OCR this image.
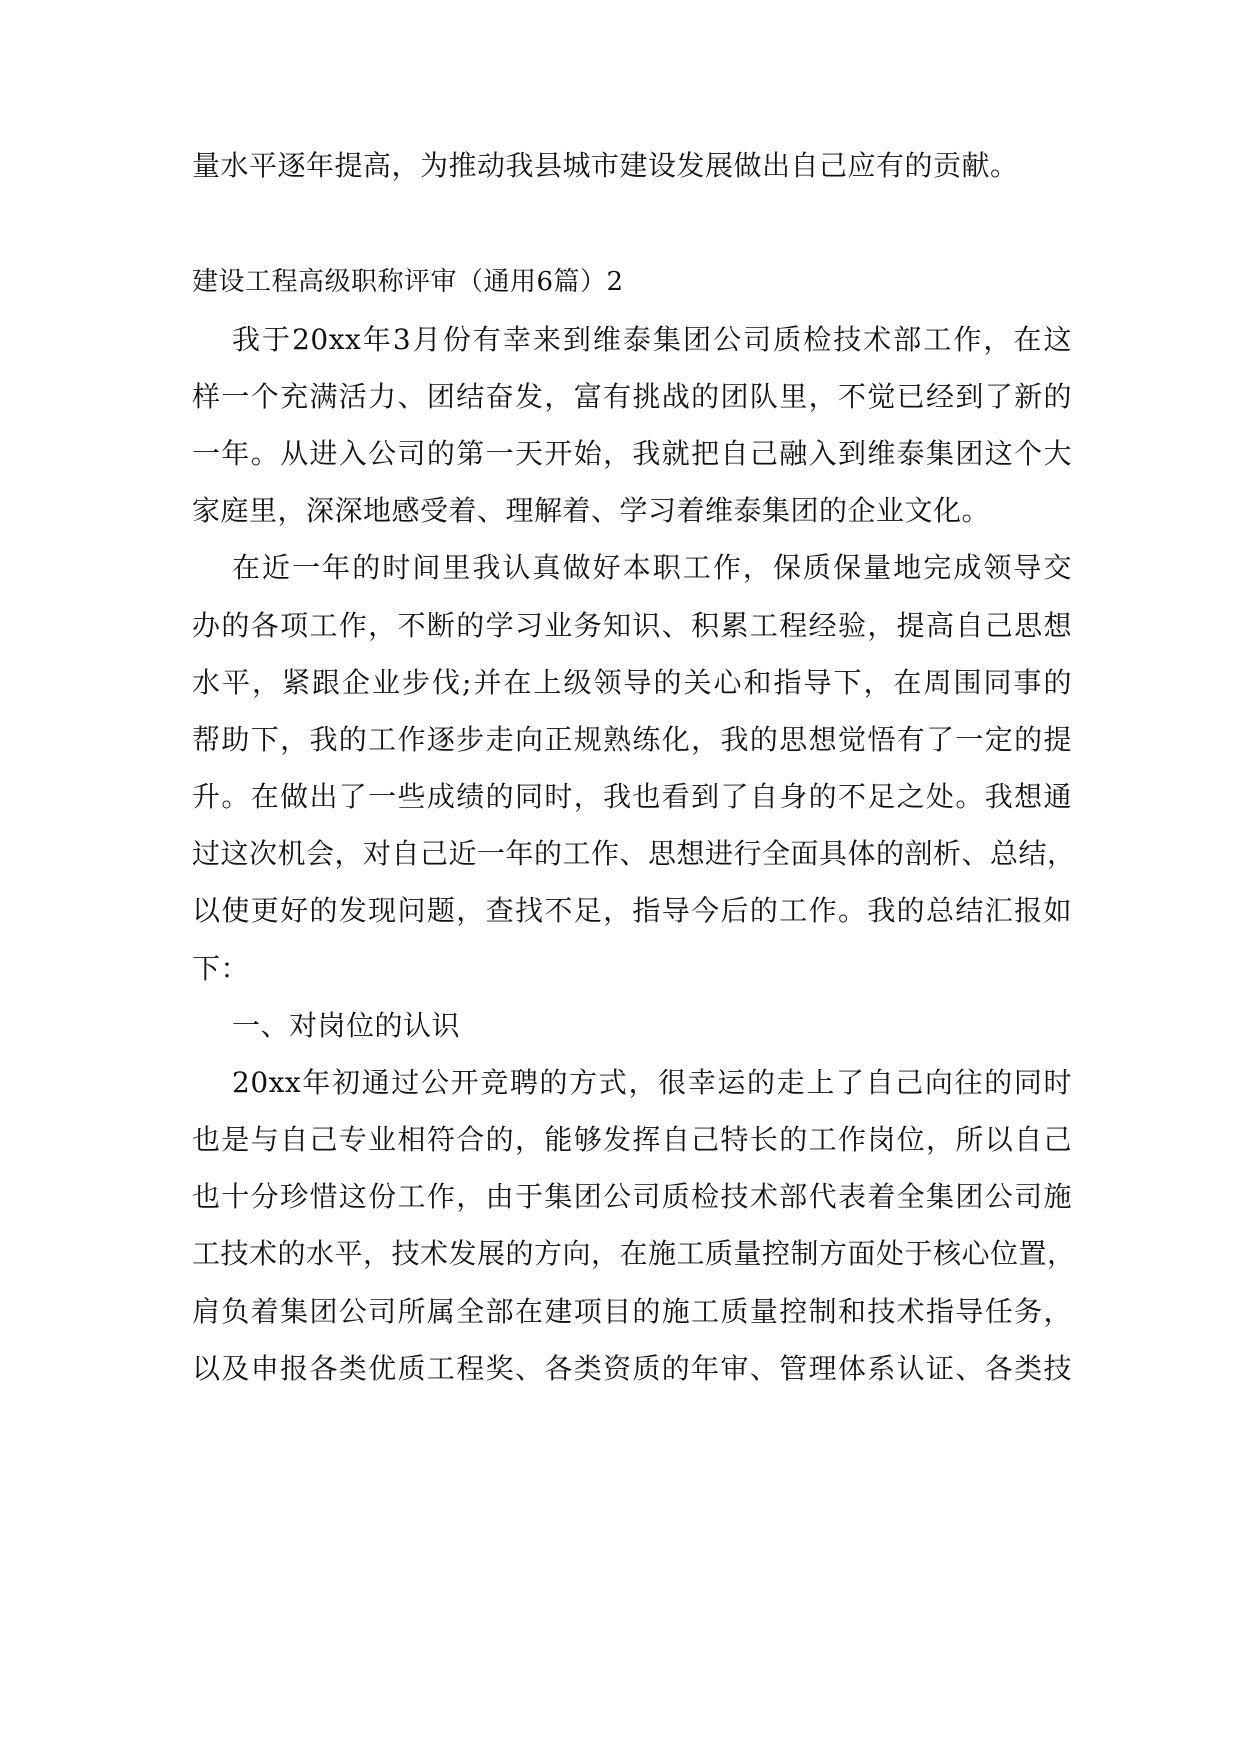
量水平逐年提高，为推动我县城市建设发展做出自己应有的贡献。
建设工程高级职称评审（通用6篇）2
我于20xx年3月份有幸来到维泰集团公司质检技术部工作，在这
样一个充满活力、团结奋发，富有挑战的团队里，不觉已经到了新的
一年。从进入公司的第一天开始，我就把自己融入到维泰集团这个大
家庭里，深深地感受着、理解着、学习着维泰集团的企业文化。
在近一年的时间里我认真做好本职工作，保质保量地完成领导交
办的各项工作，不断的学习业务知识、积累工程经验，提高自己思想
水平，紧跟企业步伐;并在上级领导的关心和指导下，在周围同事的
帮助下，我的工作逐步走向正规熟练化，我的思想觉悟有了一定的提
升。在做出了一些成绩的同时，我也看到了自身的不足之处。我想通
过这次机会，对自己近一年的工作、思想进行全面具体的剖析、总结，
以使更好的发现问题，查找不足，指导今后的工作。我的总结汇报如
下：
一、对岗位的认识
20xx年初通过公开竞聘的方式，很幸运的走上了自己向往的同时
也是与自己专业相符合的，能够发挥自己特长的工作岗位，所以自己
也十分珍惜这份工作，由于集团公司质检技术部代表着全集团公司施
工技术的水平，技术发展的方向，在施工质量控制方面处于核心位置，
肩负着集团公司所属全部在建项目的施工质量控制和技术指导任务，
以及申报各类优质工程奖、各类资质的年审、管理体系认证、各类技
